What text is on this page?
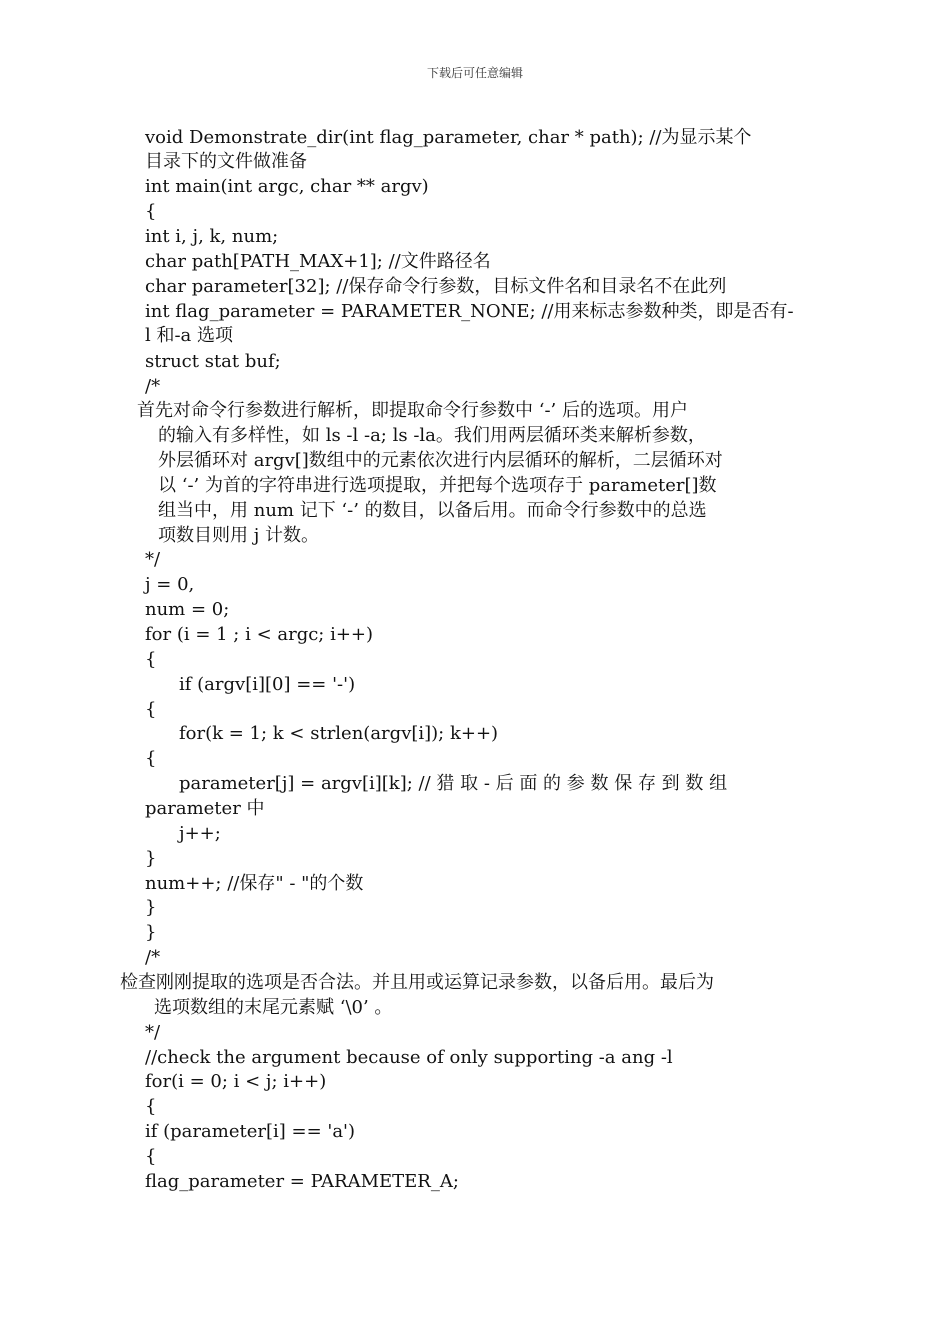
下载后可任意编辑
void Demonstrate_dir(int flag_parameter, char * path); //为显示某个
目录下的文件做准备
int main(int argc, char ** argv)
{
int i, j, k, num;
char path[PATH_MAX+1]; //文件路径名
char parameter[32]; //保存命令行参数，目标文件名和目录名不在此列
int flag_parameter = PARAMETER_NONE; //用来标志参数种类，即是否有-
l 和-a 选项
struct stat buf;
/*
首先对命令行参数进行解析，即提取命令行参数中 ‘-’ 后的选项。用户
的输入有多样性，如 ls -l -a; ls -la。我们用两层循环类来解析参数，
外层循环对 argv[]数组中的元素依次进行内层循环的解析，二层循环对
以 ‘-’ 为首的字符串进行选项提取，并把每个选项存于 parameter[]数
组当中，用 num 记下 ‘-’ 的数目，以备后用。而命令行参数中的总选
项数目则用 j 计数。
*/
j = 0,
num = 0;
for (i = 1 ; i < argc; i++)
{
if (argv[i][0] == '-')
{
for(k = 1; k < strlen(argv[i]); k++)
{
parameter[j] = argv[i][k]; // 猎 取 - 后 面 的 参 数 保 存 到 数 组
parameter 中
j++;
}
num++; //保存" - "的个数
}
}
/*
检查刚刚提取的选项是否合法。并且用或运算记录参数，以备后用。最后为
选项数组的末尾元素赋 ‘\0’ 。
*/
//check the argument because of only supporting -a ang -l
for(i = 0; i < j; i++)
{
if (parameter[i] == 'a')
{
flag_parameter = PARAMETER_A;
